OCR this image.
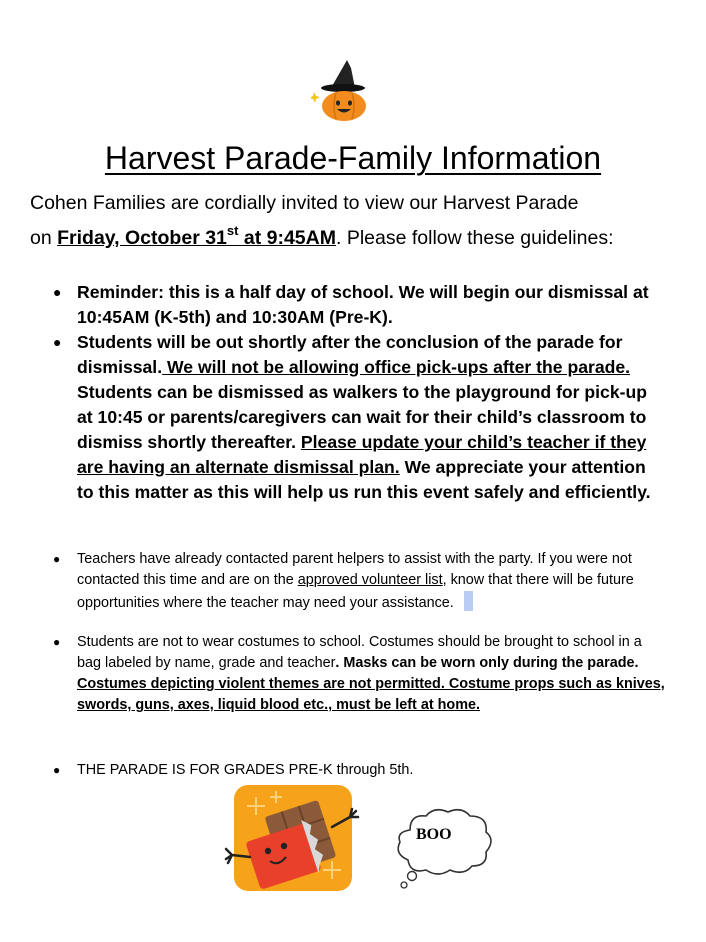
Harvest Parade-Family Information

Cohen Families are cordially invited to view our Harvest Parade
on Friday, October 31st at 9:45AM. Please follow these guidelines:

● Reminder: this is a half day of school. We will begin our dismissal at 10:45AM (K-5th) and 10:30AM (Pre-K).
● Students will be out shortly after the conclusion of the parade for dismissal. We will not be allowing office pick-ups after the parade. Students can be dismissed as walkers to the playground for pick-up at 10:45 or parents/caregivers can wait for their child’s classroom to dismiss shortly thereafter. Please update your child’s teacher if they are having an alternate dismissal plan. We appreciate your attention to this matter as this will help us run this event safely and efficiently.
● Teachers have already contacted parent helpers to assist with the party. If you were not contacted this time and are on the approved volunteer list, know that there will be future opportunities where the teacher may need your assistance.
● Students are not to wear costumes to school. Costumes should be brought to school in a bag labeled by name, grade and teacher. Masks can be worn only during the parade. Costumes depicting violent themes are not permitted. Costume props such as knives, swords, guns, axes, liquid blood etc., must be left at home.
● THE PARADE IS FOR GRADES PRE-K through 5th.
BOO
